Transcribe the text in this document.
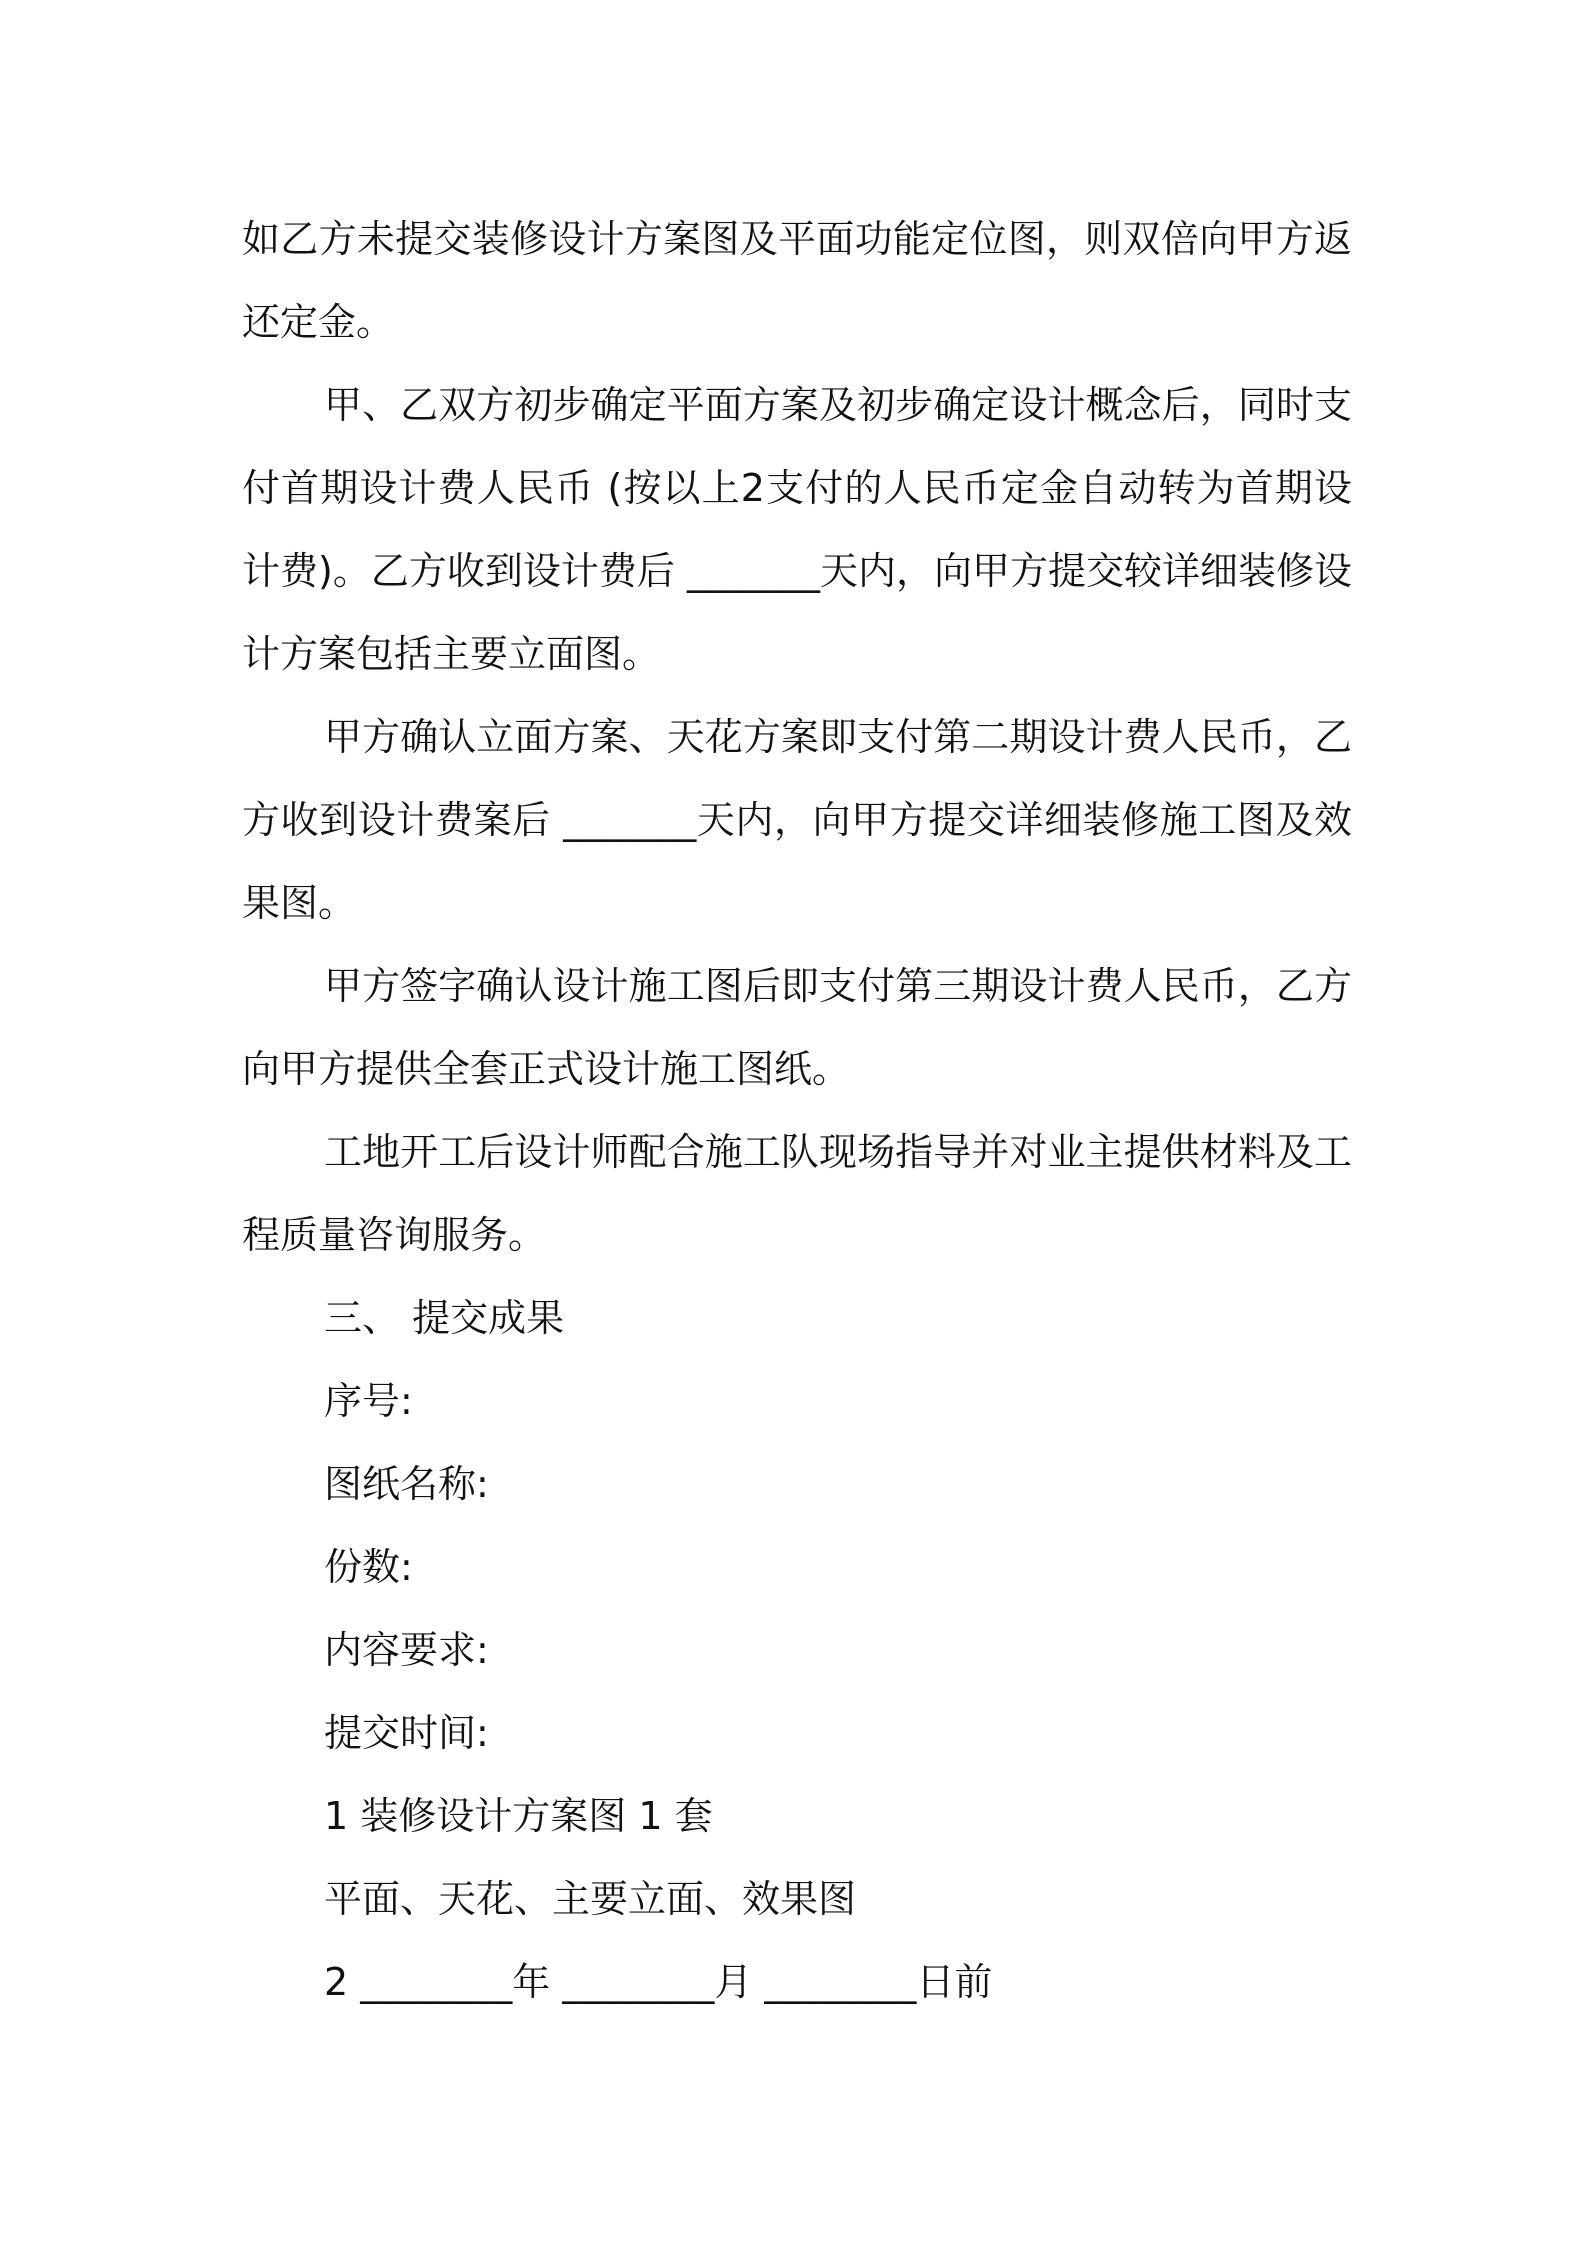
如乙方未提交装修设计方案图及平面功能定位图，则双倍向甲方返还定金。

甲、乙双方初步确定平面方案及初步确定设计概念后，同时支付首期设计费人民币 (按以上2支付的人民币定金自动转为首期设计费)。乙方收到设计费后 _______天内，向甲方提交较详细装修设计方案包括主要立面图。

甲方确认立面方案、天花方案即支付第二期设计费人民币，乙方收到设计费案后 _______天内，向甲方提交详细装修施工图及效果图。

甲方签字确认设计施工图后即支付第三期设计费人民币，乙方向甲方提供全套正式设计施工图纸。

工地开工后设计师配合施工队现场指导并对业主提供材料及工程质量咨询服务。

三、 提交成果

序号:

图纸名称:

份数:

内容要求:

提交时间:

1 装修设计方案图 1 套

平面、天花、主要立面、效果图

2 ________年 ________月 ________日前
